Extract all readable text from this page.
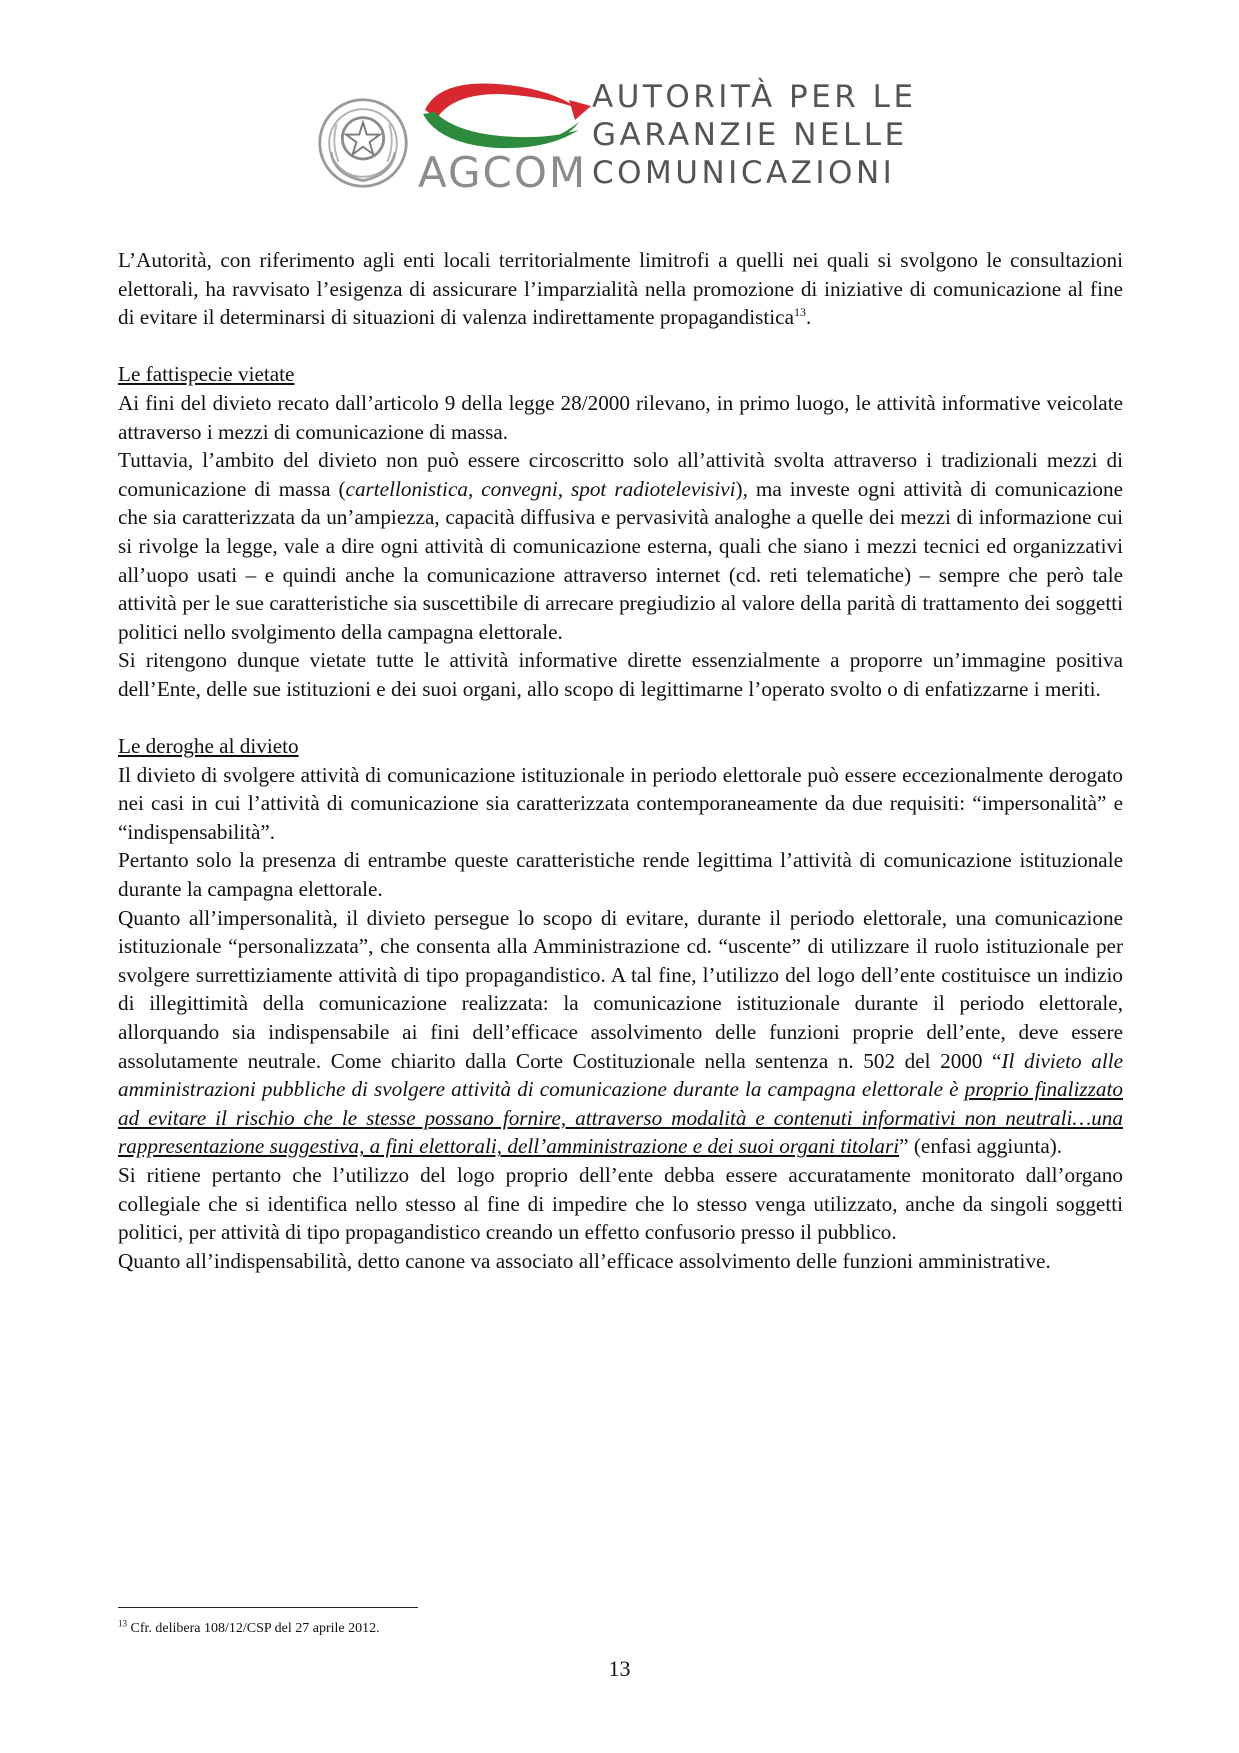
AGCOM
AUTORITÀ PER LE
GARANZIE NELLE
COMUNICAZIONI

L’Autorità, con riferimento agli enti locali territorialmente limitrofi a quelli nei quali si svolgono le consultazioni elettorali, ha ravvisato l’esigenza di assicurare l’imparzialità nella promozione di iniziative di comunicazione al fine di evitare il determinarsi di situazioni di valenza indirettamente propagandistica$^{13}$.

Le fattispecie vietate

Ai fini del divieto recato dall’articolo 9 della legge 28/2000 rilevano, in primo luogo, le attività informative veicolate attraverso i mezzi di comunicazione di massa.

Tuttavia, l’ambito del divieto non può essere circoscritto solo all’attività svolta attraverso i tradizionali mezzi di comunicazione di massa (cartellonistica, convegni, spot radiotelevisivi), ma investe ogni attività di comunicazione che sia caratterizzata da un’ampiezza, capacità diffusiva e pervasività analoghe a quelle dei mezzi di informazione cui si rivolge la legge, vale a dire ogni attività di comunicazione esterna, quali che siano i mezzi tecnici ed organizzativi all’uopo usati – e quindi anche la comunicazione attraverso internet (cd. reti telematiche) – sempre che però tale attività per le sue caratteristiche sia suscettibile di arrecare pregiudizio al valore della parità di trattamento dei soggetti politici nello svolgimento della campagna elettorale.

Si ritengono dunque vietate tutte le attività informative dirette essenzialmente a proporre un’immagine positiva dell’Ente, delle sue istituzioni e dei suoi organi, allo scopo di legittimarne l’operato svolto o di enfatizzarne i meriti.

Le deroghe al divieto

Il divieto di svolgere attività di comunicazione istituzionale in periodo elettorale può essere eccezionalmente derogato nei casi in cui l’attività di comunicazione sia caratterizzata contemporaneamente da due requisiti: “impersonalità” e “indispensabilità”.

Pertanto solo la presenza di entrambe queste caratteristiche rende legittima l’attività di comunicazione istituzionale durante la campagna elettorale.

Quanto all’impersonalità, il divieto persegue lo scopo di evitare, durante il periodo elettorale, una comunicazione istituzionale “personalizzata”, che consenta alla Amministrazione cd. “uscente” di utilizzare il ruolo istituzionale per svolgere surrettiziamente attività di tipo propagandistico. A tal fine, l’utilizzo del logo dell’ente costituisce un indizio di illegittimità della comunicazione realizzata: la comunicazione istituzionale durante il periodo elettorale, allorquando sia indispensabile ai fini dell’efficace assolvimento delle funzioni proprie dell’ente, deve essere assolutamente neutrale. Come chiarito dalla Corte Costituzionale nella sentenza n. 502 del 2000 “Il divieto alle amministrazioni pubbliche di svolgere attività di comunicazione durante la campagna elettorale è proprio finalizzato ad evitare il rischio che le stesse possano fornire, attraverso modalità e contenuti informativi non neutrali…una rappresentazione suggestiva, a fini elettorali, dell’amministrazione e dei suoi organi titolari” (enfasi aggiunta).

Si ritiene pertanto che l’utilizzo del logo proprio dell’ente debba essere accuratamente monitorato dall’organo collegiale che si identifica nello stesso al fine di impedire che lo stesso venga utilizzato, anche da singoli soggetti politici, per attività di tipo propagandistico creando un effetto confusorio presso il pubblico.

Quanto all’indispensabilità, detto canone va associato all’efficace assolvimento delle funzioni amministrative.

$^{13}$ Cfr. delibera 108/12/CSP del 27 aprile 2012.
13
